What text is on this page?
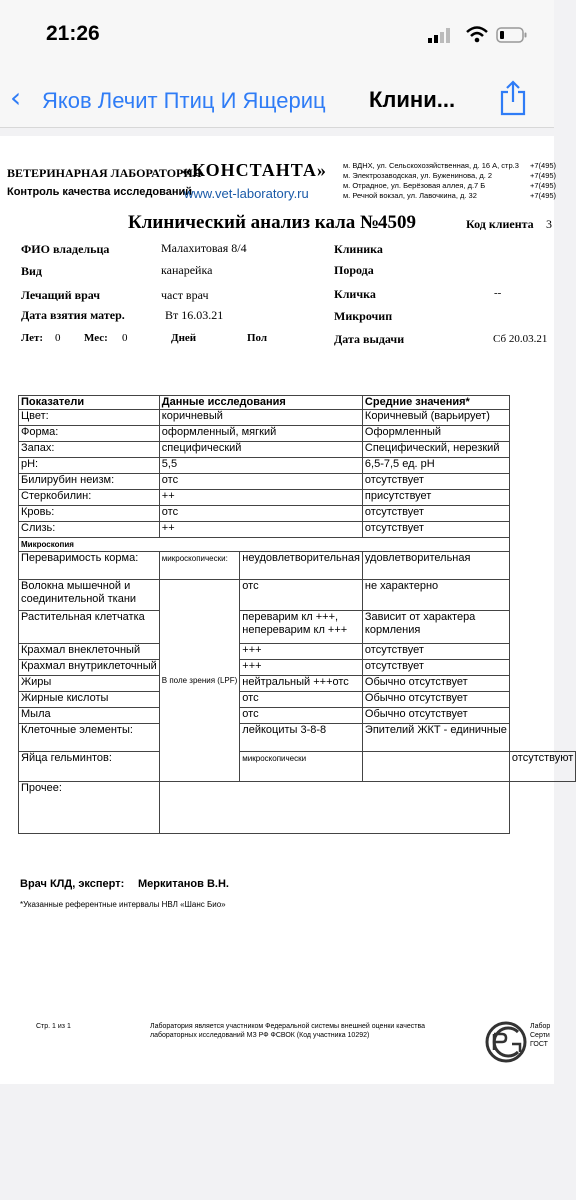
21:26
‹ Яков Лечит Птиц И Ящериц Клини...
ВЕТЕРИНАРНАЯ ЛАБОРАТОРИЯ
«КОНСТАНТА»
Контроль качества исследований
www.vet-laboratory.ru
м. ВДНХ, ул. Сельскохозяйственная, д. 16 А, стр.3
м. Электрозаводская, ул. Буженинова, д. 2
м. Отрадное, ул. Берёзовая аллея, д.7 Б
м. Речной вокзал, ул. Лавочкина, д. 32
+7(495)
+7(495)
+7(495)
+7(495)
Клинический анализ кала №
4509	Код клиента 3
ФИО владельца	Малахитовая 8/4	Клиника
Вид	канарейка	Порода
Лечащий врач	част врач	Кличка	--
Дата взятия матер.	Вт 16.03.21	Микрочип
Лет: 0 Мес: 0	Дней	Пол	Дата выдачи	Сб 20.03.21
Показатели	Данные исследования		Средние значения*	
Цвет:	коричневый		Коричневый (варьирует)	
Форма:	оформленный, мягкий		Оформленный	
Запах:	специфический		Специфический, нерезкий	
pH:	5,5		6,5-7,5 ед. pH	
Билирубин неизм:	отс		отсутствует	
Стеркобилин:	++		присутствует	
Кровь:	отс		отсутствует	
Слизь:	++		отсутствует	
Микроскопия				
Переваримость корма:	микроскопически:	неудовлетворительная	удовлетворительная	
Волокна мышечной и соединительной ткани	В поле зрения (LPF)	отс	не характерно	
Растительная клетчатка		переварим кл +++, непереварим кл +++	Зависит от характера кормления	
Крахмал внеклеточный		+++	отсутствует	
Крахмал внутриклеточный		+++	отсутствует	
Жиры		нейтральный +++отс	Обычно отсутствует	
Жирные кислоты		отс	Обычно отсутствует	
Мыла		отс	Обычно отсутствует	
Клеточные элементы:		лейкоциты 3-8-8	Эпителий ЖКТ - единичные	
Яйца гельминтов:		микроскопически		отсутствуют
Прочее:				
Врач КЛД, эксперт: Меркитанов В.Н.
*Указанные референтные интервалы НВЛ «Шанс Био»
Стр. 1 из 1	Лаборатория является участником Федеральной системы внешней оценки качества
лабораторных исследований МЗ РФ ФСВОК (Код участника 10292)
Лабор
Серти
ГОСТ
